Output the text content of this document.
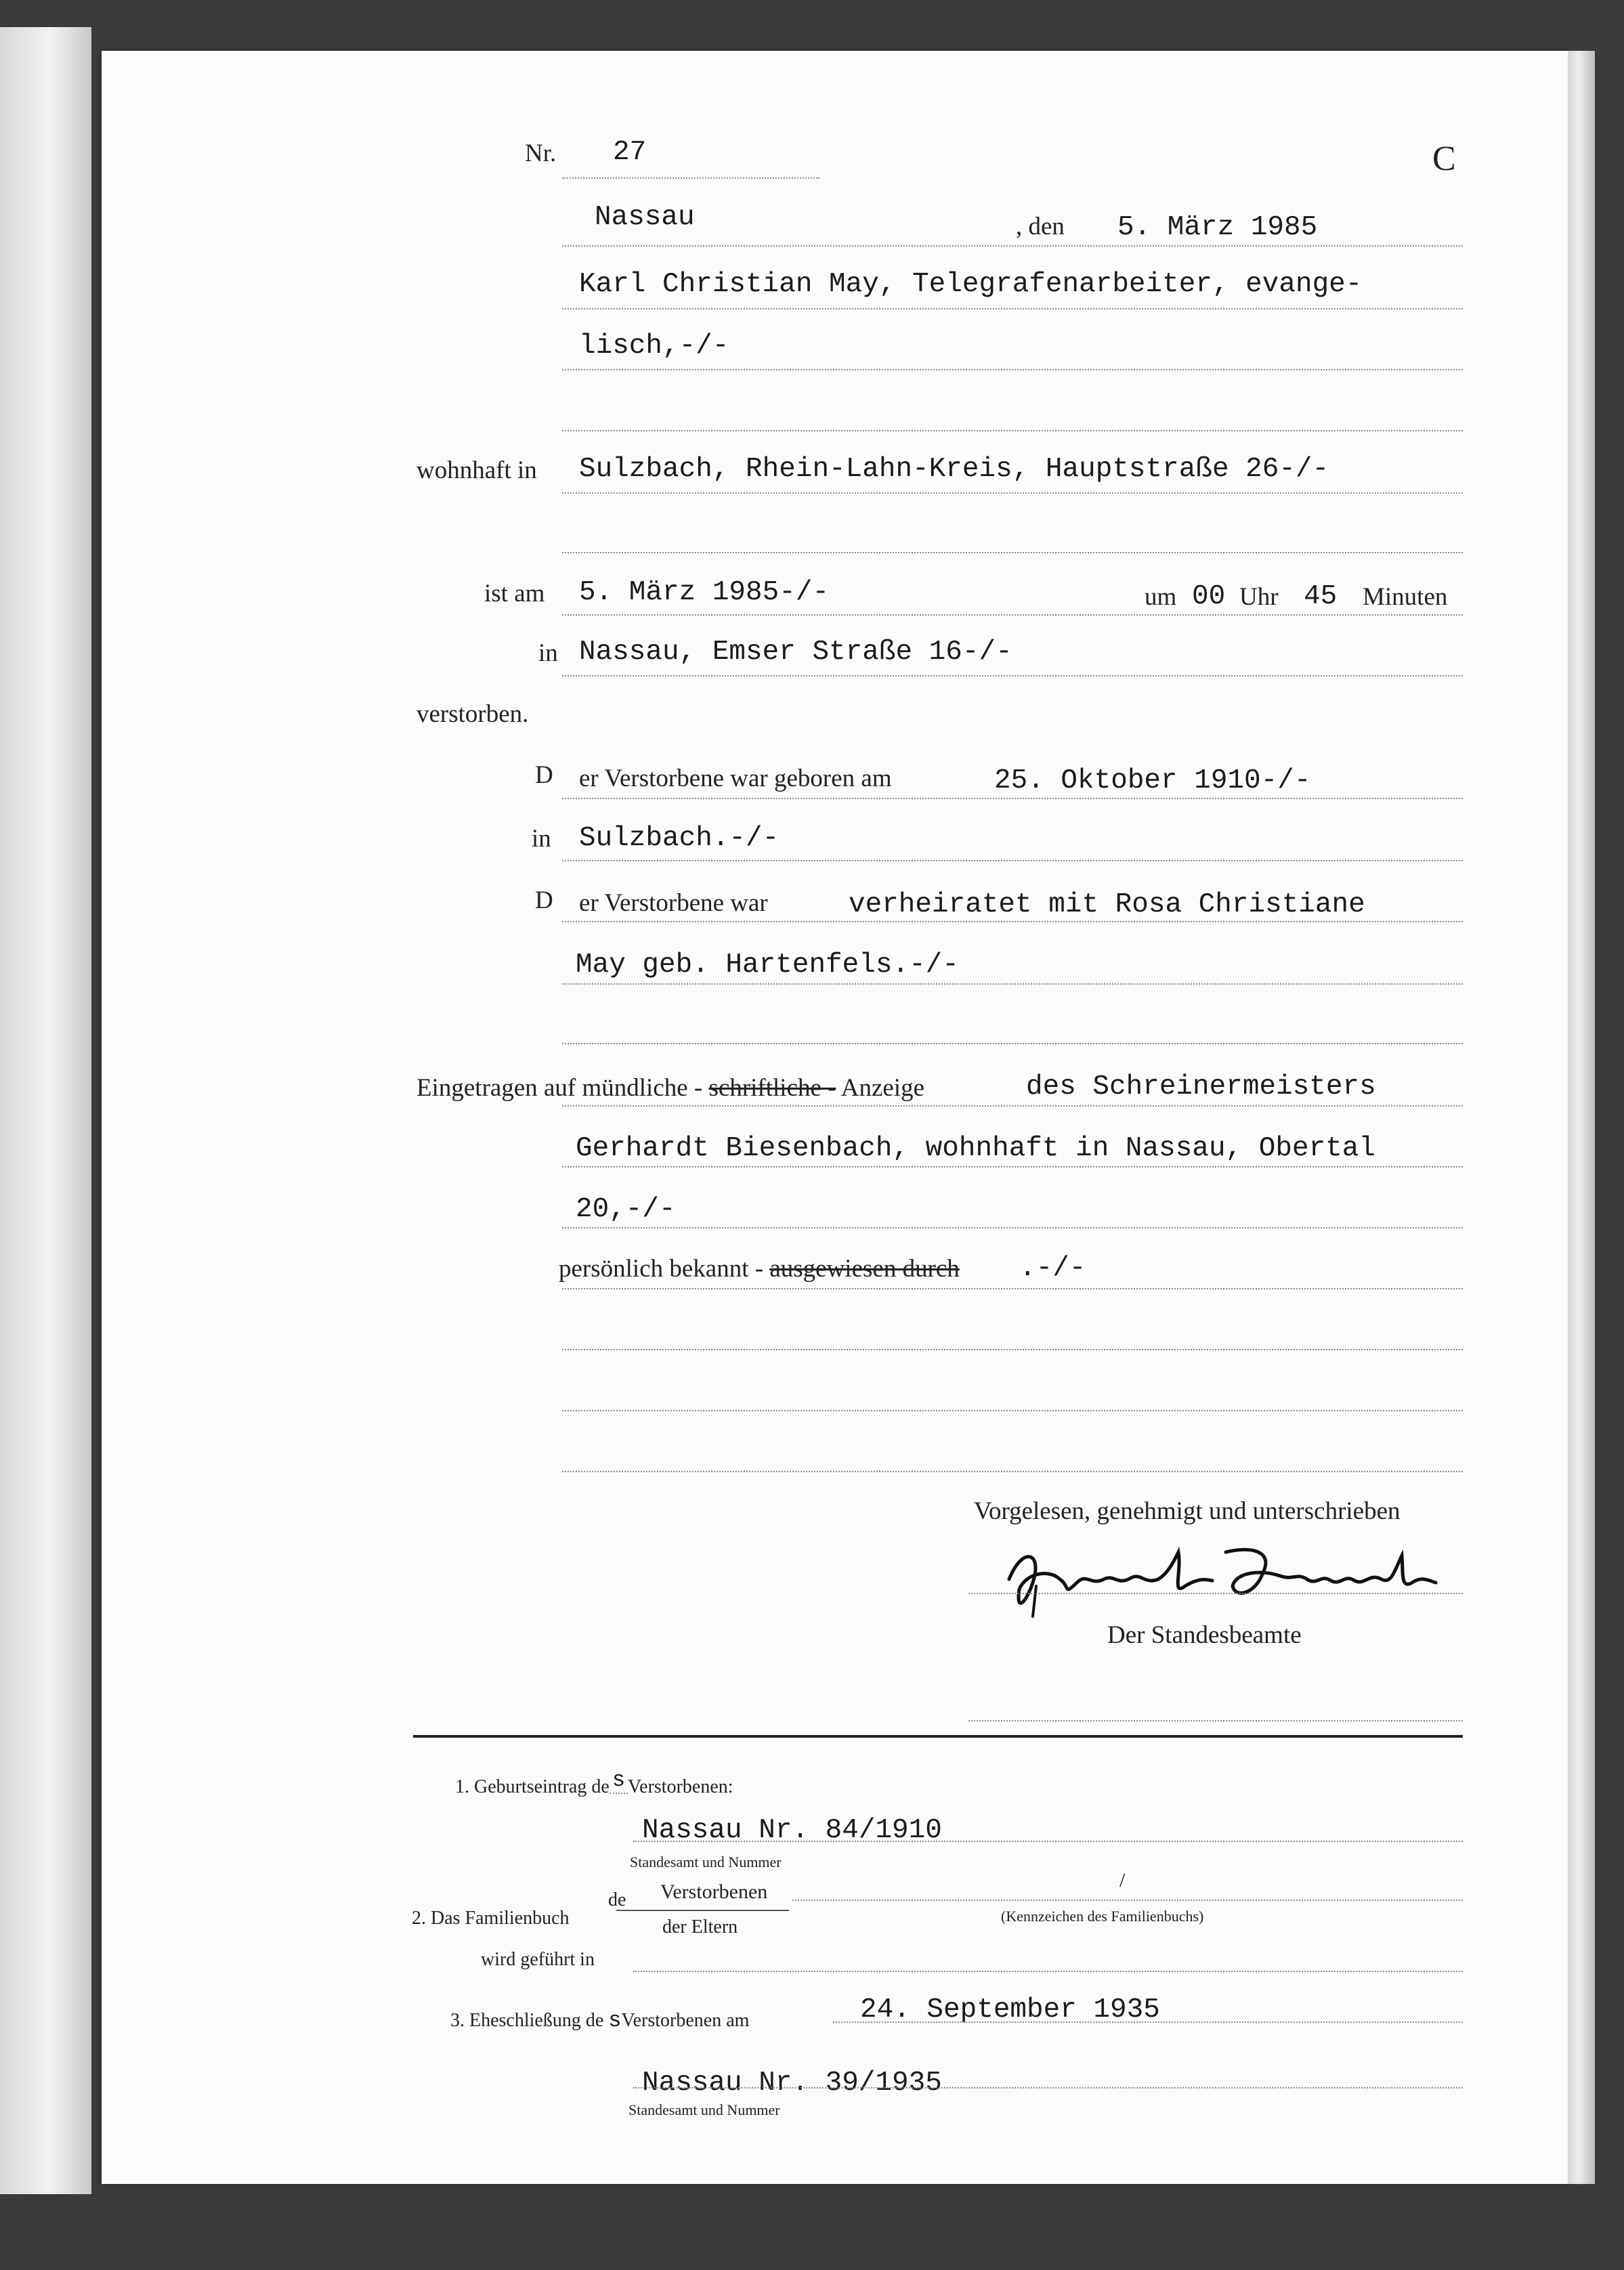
Nr. 27	C
Nassau	, den 5. März 1985
Karl Christian May, Telegrafenarbeiter, evange-
lisch,-/-
wohnhaft in Sulzbach, Rhein-Lahn-Kreis, Hauptstraße 26-/-
ist am 5. März 1985-/-	um 00 Uhr 45 Minuten
in Nassau, Emser Straße 16-/-
verstorben.
D er Verstorbene war geboren am	25. Oktober 1910-/-
in Sulzbach.-/-
D er Verstorbene war	verheiratet mit Rosa Christiane
May geb. Hartenfels.-/-
Eingetragen auf mündliche - schriftliche - Anzeige	des Schreinermeisters
Gerhardt Biesenbach, wohnhaft in Nassau, Obertal
20,-/-
persönlich bekannt - ausgewiesen durch .-/-
Vorgelesen, genehmigt und unterschrieben
Der Standesbeamte
1. Geburtseintrag de s Verstorbenen:
Nassau Nr. 84/1910
Standesamt und Nummer
de Verstorbenen
2. Das Familienbuch	der Eltern
/
(Kennzeichen des Familienbuchs)
wird geführt in
3. Eheschließung de sVerstorbenen am	24. September 1935
Nassau Nr. 39/1935
Standesamt und Nummer
